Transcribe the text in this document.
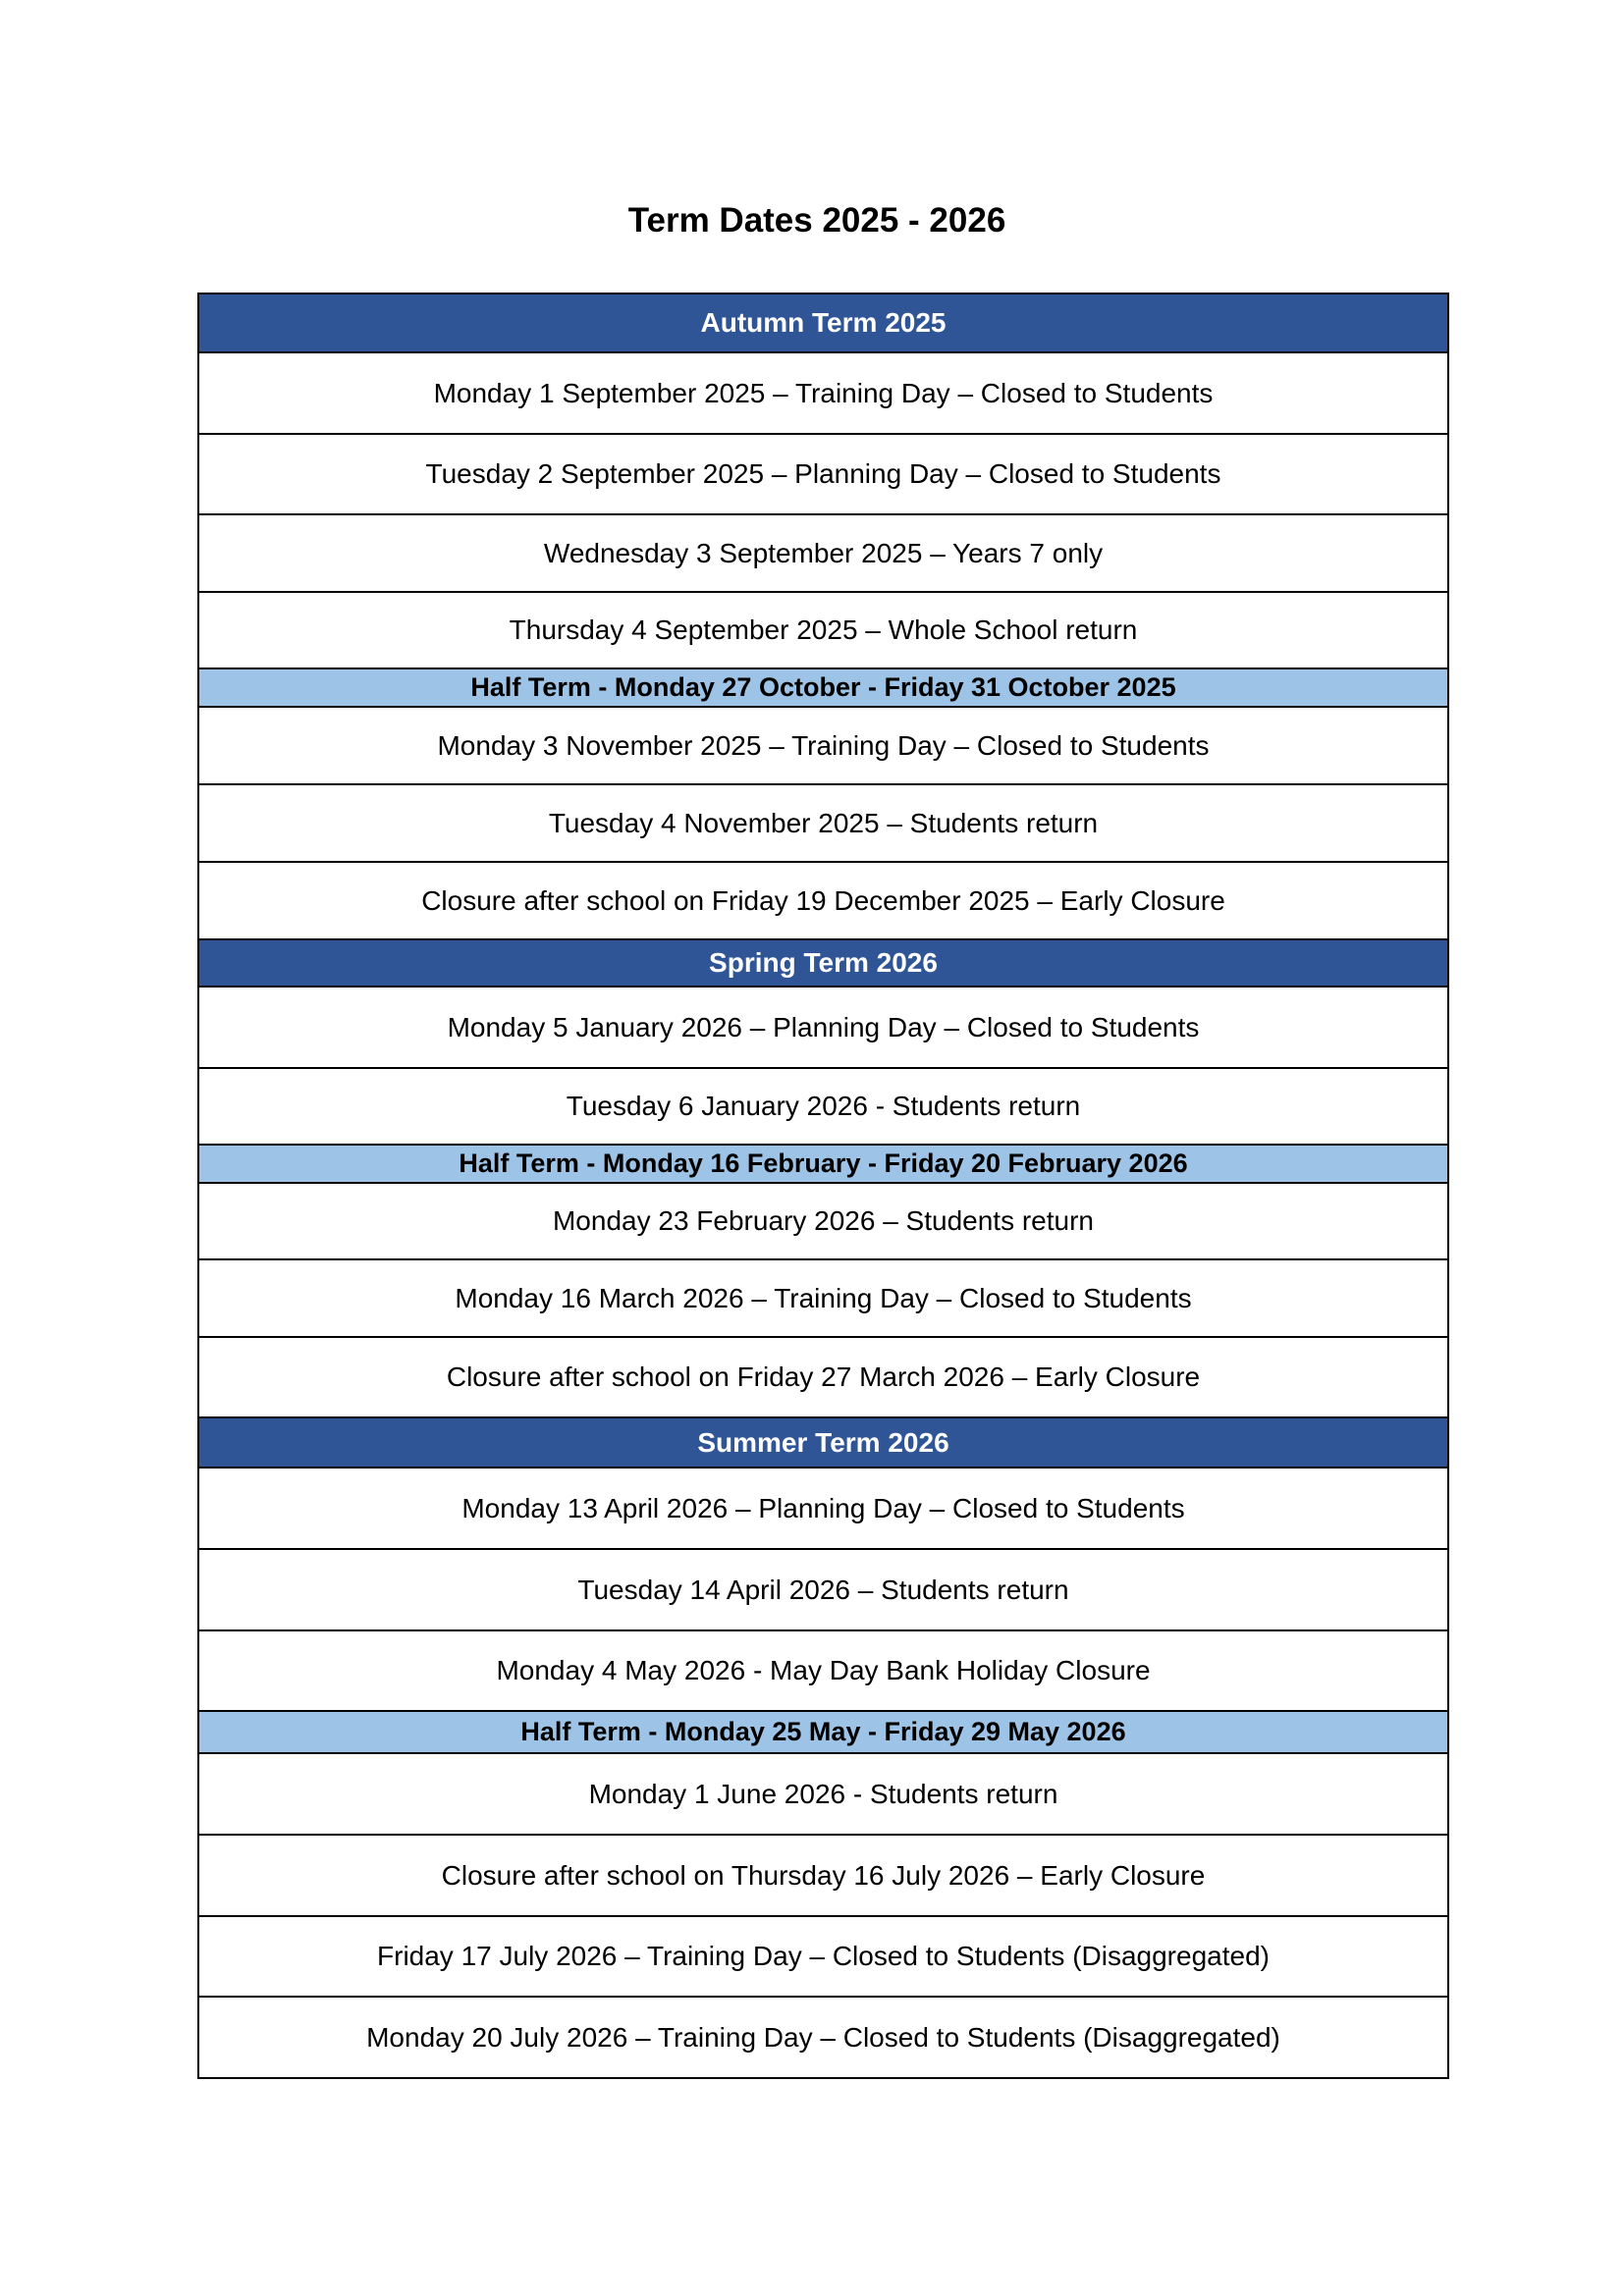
Term Dates 2025 - 2026
Autumn Term 2025
Monday 1 September 2025 – Training Day – Closed to Students
Tuesday 2 September 2025 – Planning Day – Closed to Students
Wednesday 3 September 2025 – Years 7 only
Thursday 4 September 2025 – Whole School return
Half Term - Monday 27 October - Friday 31 October 2025
Monday 3 November 2025 – Training Day – Closed to Students
Tuesday 4 November 2025 – Students return
Closure after school on Friday 19 December 2025 – Early Closure
Spring Term 2026
Monday 5 January 2026 – Planning Day – Closed to Students
Tuesday 6 January 2026 - Students return
Half Term - Monday 16 February - Friday 20 February 2026
Monday 23 February 2026 – Students return
Monday 16 March 2026 – Training Day – Closed to Students
Closure after school on Friday 27 March 2026 – Early Closure
Summer Term 2026
Monday 13 April 2026 – Planning Day – Closed to Students
Tuesday 14 April 2026 – Students return
Monday 4 May 2026 - May Day Bank Holiday Closure
Half Term - Monday 25 May - Friday 29 May 2026
Monday 1 June 2026 - Students return
Closure after school on Thursday 16 July 2026 – Early Closure
Friday 17 July 2026 – Training Day – Closed to Students (Disaggregated)
Monday 20 July 2026 – Training Day – Closed to Students (Disaggregated)
